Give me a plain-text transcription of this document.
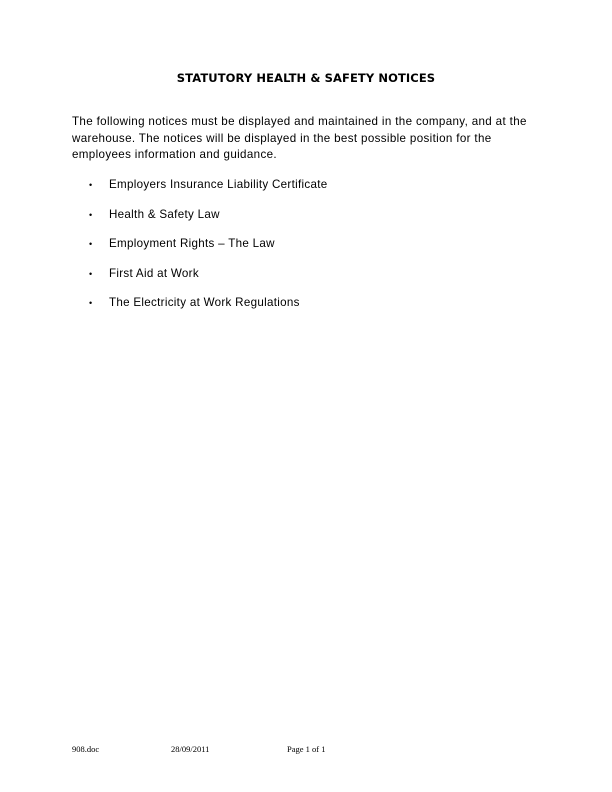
STATUTORY HEALTH & SAFETY NOTICES

The following notices must be displayed and maintained in the company, and at the warehouse. The notices will be displayed in the best possible position for the employees information and guidance.

• Employers Insurance Liability Certificate
• Health & Safety Law
• Employment Rights – The Law
• First Aid at Work
• The Electricity at Work Regulations
908.doc	28/09/2011	Page 1 of 1
